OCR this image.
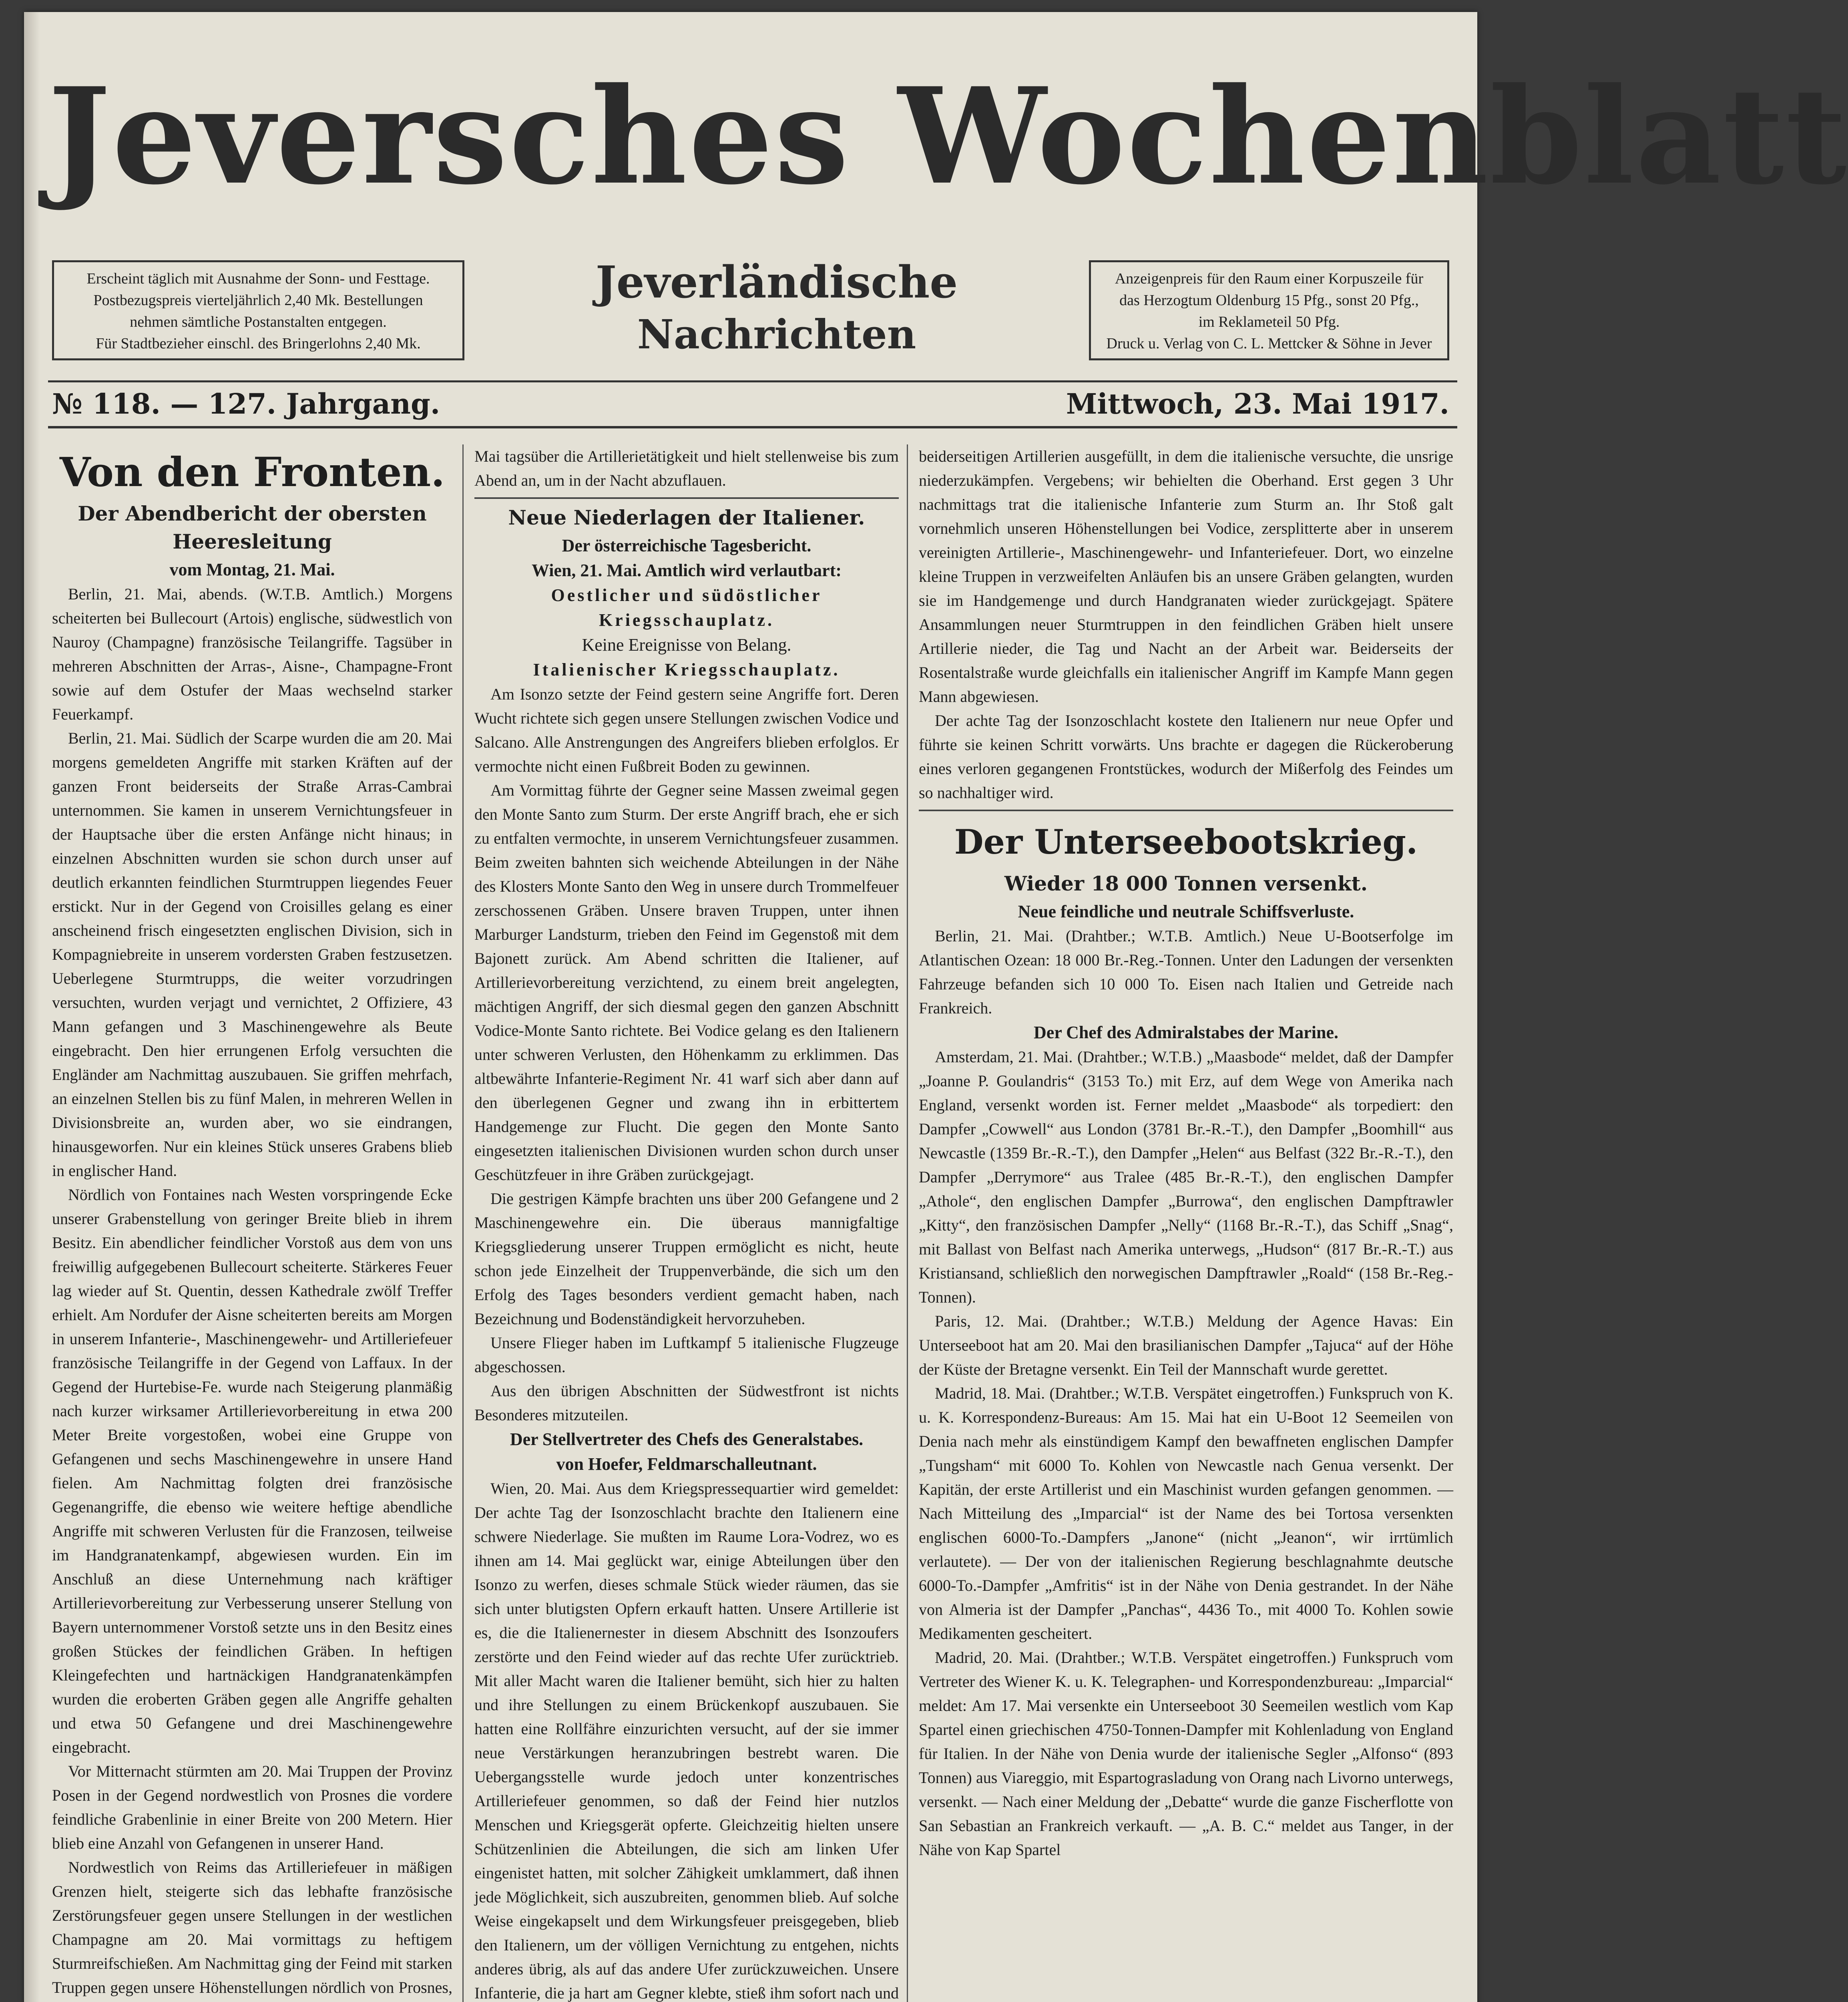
Jeversches Wochenblatt

Erscheint täglich mit Ausnahme der Sonn- und Festtage.

Postbezugspreis vierteljährlich 2,40 Mk. Bestellungen

nehmen sämtliche Postanstalten entgegen.

Für Stadtbezieher einschl. des Bringerlohns 2,40 Mk.

Jeverländische
Nachrichten

Anzeigenpreis für den Raum einer Korpuszeile für

das Herzogtum Oldenburg 15 Pfg., sonst 20 Pfg.,

im Reklameteil 50 Pfg.

Druck u. Verlag von C. L. Mettcker & Söhne in Jever

№ 118. — 127. Jahrgang.	Mittwoch, 23. Mai 1917.
Von den Fronten.
Der Abendbericht der obersten Heeresleitung
vom Montag, 21. Mai.

Berlin, 21. Mai, abends. (W.T.B. Amtlich.) Morgens scheiterten bei Bullecourt (Artois) englische, südwestlich von Nauroy (Champagne) französische Teilangriffe. Tagsüber in mehreren Abschnitten der Arras-, Aisne-, Champagne-Front sowie auf dem Ostufer der Maas wechselnd starker Feuerkampf.

Berlin, 21. Mai. Südlich der Scarpe wurden die am 20. Mai morgens gemeldeten Angriffe mit starken Kräften auf der ganzen Front beiderseits der Straße Arras-Cambrai unternommen. Sie kamen in unserem Vernichtungsfeuer in der Hauptsache über die ersten Anfänge nicht hinaus; in einzelnen Abschnitten wurden sie schon durch unser auf deutlich erkannten feindlichen Sturmtruppen liegendes Feuer erstickt. Nur in der Gegend von Croisilles gelang es einer anscheinend frisch eingesetzten englischen Division, sich in Kompagniebreite in unserem vordersten Graben festzusetzen. Ueberlegene Sturmtrupps, die weiter vorzudringen versuchten, wurden verjagt und vernichtet, 2 Offiziere, 43 Mann gefangen und 3 Maschinengewehre als Beute eingebracht. Den hier errungenen Erfolg versuchten die Engländer am Nachmittag auszubauen. Sie griffen mehrfach, an einzelnen Stellen bis zu fünf Malen, in mehreren Wellen in Divisionsbreite an, wurden aber, wo sie eindrangen, hinausgeworfen. Nur ein kleines Stück unseres Grabens blieb in englischer Hand.

Nördlich von Fontaines nach Westen vorspringende Ecke unserer Grabenstellung von geringer Breite blieb in ihrem Besitz. Ein abendlicher feindlicher Vorstoß aus dem von uns freiwillig aufgegebenen Bullecourt scheiterte. Stärkeres Feuer lag wieder auf St. Quentin, dessen Kathedrale zwölf Treffer erhielt. Am Nordufer der Aisne scheiterten bereits am Morgen in unserem Infanterie-, Maschinengewehr- und Artilleriefeuer französische Teilangriffe in der Gegend von Laffaux. In der Gegend der Hurtebise-Fe. wurde nach Steigerung planmäßig nach kurzer wirksamer Artillerievorbereitung in etwa 200 Meter Breite vorgestoßen, wobei eine Gruppe von Gefangenen und sechs Maschinengewehre in unsere Hand fielen. Am Nachmittag folgten drei französische Gegenangriffe, die ebenso wie weitere heftige abendliche Angriffe mit schweren Verlusten für die Franzosen, teilweise im Handgranatenkampf, abgewiesen wurden. Ein im Anschluß an diese Unternehmung nach kräftiger Artillerievorbereitung zur Verbesserung unserer Stellung von Bayern unternommener Vorstoß setzte uns in den Besitz eines großen Stückes der feindlichen Gräben. In heftigen Kleingefechten und hartnäckigen Handgranatenkämpfen wurden die eroberten Gräben gegen alle Angriffe gehalten und etwa 50 Gefangene und drei Maschinengewehre eingebracht.

Vor Mitternacht stürmten am 20. Mai Truppen der Provinz Posen in der Gegend nordwestlich von Prosnes die vordere feindliche Grabenlinie in einer Breite von 200 Metern. Hier blieb eine Anzahl von Gefangenen in unserer Hand.

Nordwestlich von Reims das Artilleriefeuer in mäßigen Grenzen hielt, steigerte sich das lebhafte französische Zerstörungsfeuer gegen unsere Stellungen in der westlichen Champagne am 20. Mai vormittags zu heftigem Sturmreifschießen. Am Nachmittag ging der Feind mit starken Truppen gegen unsere Höhenstellungen nördlich von Prosnes,

Mai tagsüber die Artillerietätigkeit und hielt stellenweise bis zum Abend an, um in der Nacht abzuflauen.

Neue Niederlagen der Italiener.
Der österreichische Tagesbericht.
Wien, 21. Mai. Amtlich wird verlautbart:
Oestlicher und südöstlicher Kriegsschauplatz.
Keine Ereignisse von Belang.
Italienischer Kriegsschauplatz.

Am Isonzo setzte der Feind gestern seine Angriffe fort. Deren Wucht richtete sich gegen unsere Stellungen zwischen Vodice und Salcano. Alle Anstrengungen des Angreifers blieben erfolglos. Er vermochte nicht einen Fußbreit Boden zu gewinnen.

Am Vormittag führte der Gegner seine Massen zweimal gegen den Monte Santo zum Sturm. Der erste Angriff brach, ehe er sich zu entfalten vermochte, in unserem Vernichtungsfeuer zusammen. Beim zweiten bahnten sich weichende Abteilungen in der Nähe des Klosters Monte Santo den Weg in unsere durch Trommelfeuer zerschossenen Gräben. Unsere braven Truppen, unter ihnen Marburger Landsturm, trieben den Feind im Gegenstoß mit dem Bajonett zurück. Am Abend schritten die Italiener, auf Artillerievorbereitung verzichtend, zu einem breit angelegten, mächtigen Angriff, der sich diesmal gegen den ganzen Abschnitt Vodice-Monte Santo richtete. Bei Vodice gelang es den Italienern unter schweren Verlusten, den Höhenkamm zu erklimmen. Das altbewährte Infanterie-Regiment Nr. 41 warf sich aber dann auf den überlegenen Gegner und zwang ihn in erbittertem Handgemenge zur Flucht. Die gegen den Monte Santo eingesetzten italienischen Divisionen wurden schon durch unser Geschützfeuer in ihre Gräben zurückgejagt.

Die gestrigen Kämpfe brachten uns über 200 Gefangene und 2 Maschinengewehre ein. Die überaus mannigfaltige Kriegsgliederung unserer Truppen ermöglicht es nicht, heute schon jede Einzelheit der Truppenverbände, die sich um den Erfolg des Tages besonders verdient gemacht haben, nach Bezeichnung und Bodenständigkeit hervorzuheben.

Unsere Flieger haben im Luftkampf 5 italienische Flugzeuge abgeschossen.

Aus den übrigen Abschnitten der Südwestfront ist nichts Besonderes mitzuteilen.

Der Stellvertreter des Chefs des Generalstabes.
von Hoefer, Feldmarschalleutnant.

Wien, 20. Mai. Aus dem Kriegspressequartier wird gemeldet: Der achte Tag der Isonzoschlacht brachte den Italienern eine schwere Niederlage. Sie mußten im Raume Lora-Vodrez, wo es ihnen am 14. Mai geglückt war, einige Abteilungen über den Isonzo zu werfen, dieses schmale Stück wieder räumen, das sie sich unter blutigsten Opfern erkauft hatten. Unsere Artillerie ist es, die die Italienernester in diesem Abschnitt des Isonzoufers zerstörte und den Feind wieder auf das rechte Ufer zurücktrieb. Mit aller Macht waren die Italiener bemüht, sich hier zu halten und ihre Stellungen zu einem Brückenkopf auszubauen. Sie hatten eine Rollfähre einzurichten versucht, auf der sie immer neue Verstärkungen heranzubringen bestrebt waren. Die Uebergangsstelle wurde jedoch unter konzentrisches Artilleriefeuer genommen, so daß der Feind hier nutzlos Menschen und Kriegsgerät opferte. Gleichzeitig hielten unsere Schützenlinien die Abteilungen, die sich am linken Ufer eingenistet hatten, mit solcher Zähigkeit umklammert, daß ihnen jede Möglichkeit, sich auszubreiten, genommen blieb. Auf solche Weise eingekapselt und dem Wirkungsfeuer preisgegeben, blieb den Italienern, um der völligen Vernichtung zu entgehen, nichts anderes übrig, als auf das andere Ufer zurückzuweichen. Unsere Infanterie, die ja hart am Gegner klebte, stieß ihm sofort nach und

beiderseitigen Artillerien ausgefüllt, in dem die italienische versuchte, die unsrige niederzukämpfen. Vergebens; wir behielten die Oberhand. Erst gegen 3 Uhr nachmittags trat die italienische Infanterie zum Sturm an. Ihr Stoß galt vornehmlich unseren Höhenstellungen bei Vodice, zersplitterte aber in unserem vereinigten Artillerie-, Maschinengewehr- und Infanteriefeuer. Dort, wo einzelne kleine Truppen in verzweifelten Anläufen bis an unsere Gräben gelangten, wurden sie im Handgemenge und durch Handgranaten wieder zurückgejagt. Spätere Ansammlungen neuer Sturmtruppen in den feindlichen Gräben hielt unsere Artillerie nieder, die Tag und Nacht an der Arbeit war. Beiderseits der Rosentalstraße wurde gleichfalls ein italienischer Angriff im Kampfe Mann gegen Mann abgewiesen.

Der achte Tag der Isonzoschlacht kostete den Italienern nur neue Opfer und führte sie keinen Schritt vorwärts. Uns brachte er dagegen die Rückeroberung eines verloren gegangenen Frontstückes, wodurch der Mißerfolg des Feindes um so nachhaltiger wird.

Der Unterseebootskrieg.
Wieder 18 000 Tonnen versenkt.
Neue feindliche und neutrale Schiffsverluste.

Berlin, 21. Mai. (Drahtber.; W.T.B. Amtlich.) Neue U-Bootserfolge im Atlantischen Ozean: 18 000 Br.-Reg.-Tonnen. Unter den Ladungen der versenkten Fahrzeuge befanden sich 10 000 To. Eisen nach Italien und Getreide nach Frankreich.

Der Chef des Admiralstabes der Marine.

Amsterdam, 21. Mai. (Drahtber.; W.T.B.) „Maasbode“ meldet, daß der Dampfer „Joanne P. Goulandris“ (3153 To.) mit Erz, auf dem Wege von Amerika nach England, versenkt worden ist. Ferner meldet „Maasbode“ als torpediert: den Dampfer „Cowwell“ aus London (3781 Br.-R.-T.), den Dampfer „Boomhill“ aus Newcastle (1359 Br.-R.-T.), den Dampfer „Helen“ aus Belfast (322 Br.-R.-T.), den Dampfer „Derrymore“ aus Tralee (485 Br.-R.-T.), den englischen Dampfer „Athole“, den englischen Dampfer „Burrowa“, den englischen Dampftrawler „Kitty“, den französischen Dampfer „Nelly“ (1168 Br.-R.-T.), das Schiff „Snag“, mit Ballast von Belfast nach Amerika unterwegs, „Hudson“ (817 Br.-R.-T.) aus Kristiansand, schließlich den norwegischen Dampftrawler „Roald“ (158 Br.-Reg.-Tonnen).

Paris, 12. Mai. (Drahtber.; W.T.B.) Meldung der Agence Havas: Ein Unterseeboot hat am 20. Mai den brasilianischen Dampfer „Tajuca“ auf der Höhe der Küste der Bretagne versenkt. Ein Teil der Mannschaft wurde gerettet.

Madrid, 18. Mai. (Drahtber.; W.T.B. Verspätet eingetroffen.) Funkspruch von K. u. K. Korrespondenz-Bureaus: Am 15. Mai hat ein U-Boot 12 Seemeilen von Denia nach mehr als einstündigem Kampf den bewaffneten englischen Dampfer „Tungsham“ mit 6000 To. Kohlen von Newcastle nach Genua versenkt. Der Kapitän, der erste Artillerist und ein Maschinist wurden gefangen genommen. — Nach Mitteilung des „Imparcial“ ist der Name des bei Tortosa versenkten englischen 6000-To.-Dampfers „Janone“ (nicht „Jeanon“, wir irrtümlich verlautete). — Der von der italienischen Regierung beschlagnahmte deutsche 6000-To.-Dampfer „Amfritis“ ist in der Nähe von Denia gestrandet. In der Nähe von Almeria ist der Dampfer „Panchas“, 4436 To., mit 4000 To. Kohlen sowie Medikamenten gescheitert.

Madrid, 20. Mai. (Drahtber.; W.T.B. Verspätet eingetroffen.) Funkspruch vom Vertreter des Wiener K. u. K. Telegraphen- und Korrespondenzbureau: „Imparcial“ meldet: Am 17. Mai versenkte ein Unterseeboot 30 Seemeilen westlich vom Kap Spartel einen griechischen 4750-Tonnen-Dampfer mit Kohlenladung von England für Italien. In der Nähe von Denia wurde der italienische Segler „Alfonso“ (893 Tonnen) aus Viareggio, mit Espartograsladung von Orang nach Livorno unterwegs, versenkt. — Nach einer Meldung der „Debatte“ wurde die ganze Fischerflotte von San Sebastian an Frankreich verkauft. — „A. B. C.“ meldet aus Tanger, in der Nähe von Kap Spartel
